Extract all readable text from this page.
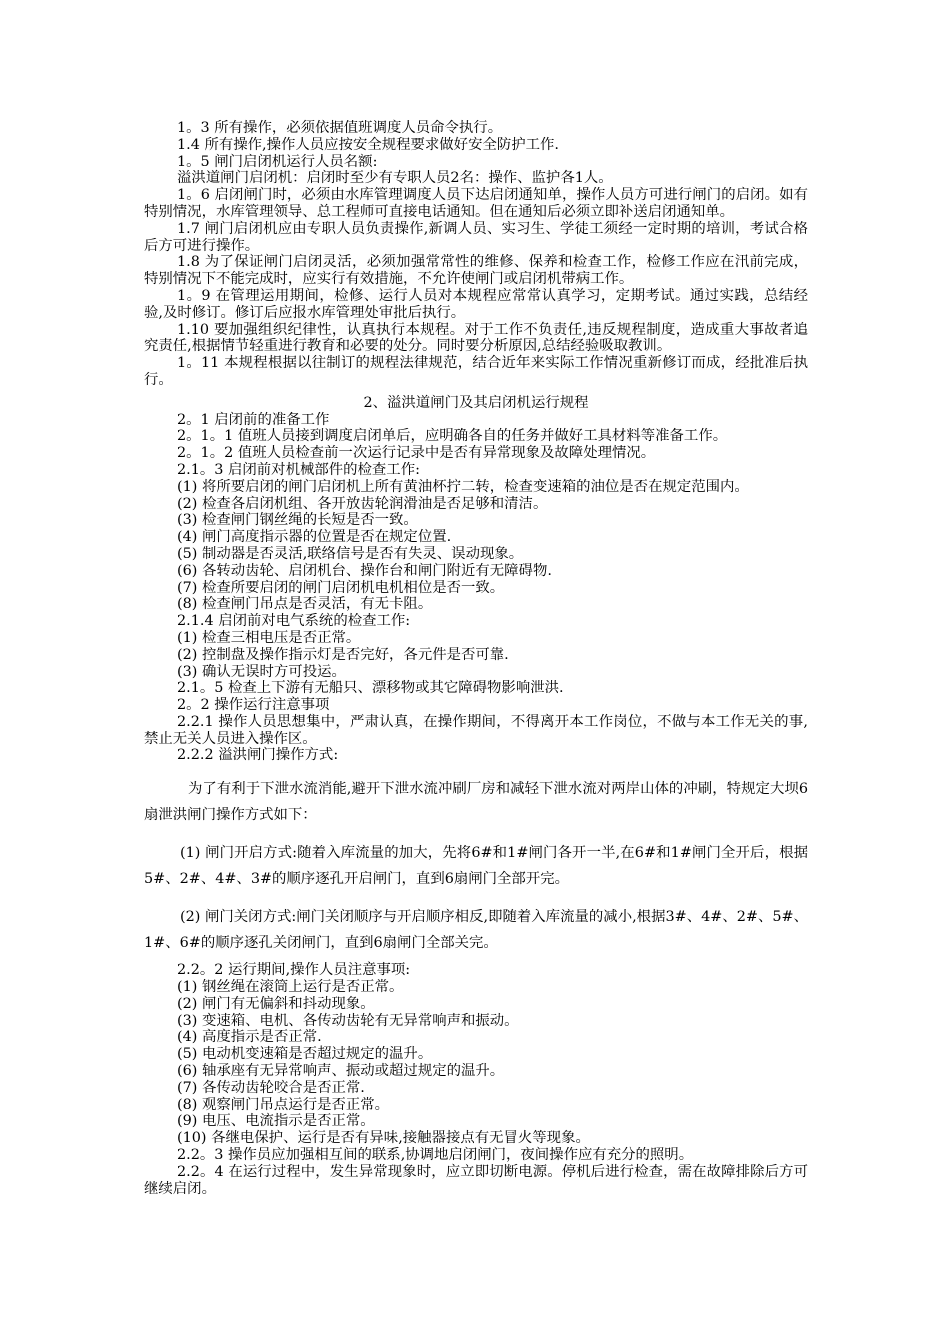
1。3 所有操作，必须依据值班调度人员命令执行。

1.4 所有操作,操作人员应按安全规程要求做好安全防护工作.

1。5 闸门启闭机运行人员名额:

溢洪道闸门启闭机：启闭时至少有专职人员2名：操作、监护各1人。

1。6 启闭闸门时，必须由水库管理调度人员下达启闭通知单，操作人员方可进行闸门的启闭。如有特别情况，水库管理领导、总工程师可直接电话通知。但在通知后必须立即补送启闭通知单。

1.7 闸门启闭机应由专职人员负责操作,新调人员、实习生、学徒工须经一定时期的培训，考试合格后方可进行操作。

1.8 为了保证闸门启闭灵活，必须加强常常性的维修、保养和检查工作，检修工作应在汛前完成，特别情况下不能完成时，应实行有效措施，不允许使闸门或启闭机带病工作。

1。9 在管理运用期间，检修、运行人员对本规程应常常认真学习，定期考试。通过实践，总结经验,及时修订。修订后应报水库管理处审批后执行。

1.10 要加强组织纪律性，认真执行本规程。对于工作不负责任,违反规程制度，造成重大事故者追究责任,根据情节轻重进行教育和必要的处分。同时要分析原因,总结经验吸取教训。

1。11 本规程根据以往制订的规程法律规范，结合近年来实际工作情况重新修订而成，经批准后执行。

2、溢洪道闸门及其启闭机运行规程

2。1 启闭前的准备工作

2。1。1 值班人员接到调度启闭单后，应明确各自的任务并做好工具材料等准备工作。

2。1。2 值班人员检查前一次运行记录中是否有异常现象及故障处理情况。

2.1。3 启闭前对机械部件的检查工作:

(1) 将所要启闭的闸门启闭机上所有黄油杯拧二转，检查变速箱的油位是否在规定范围内。

(2) 检查各启闭机组、各开放齿轮润滑油是否足够和清洁。

(3) 检查闸门钢丝绳的长短是否一致。

(4) 闸门高度指示器的位置是否在规定位置.

(5) 制动器是否灵活,联络信号是否有失灵、误动现象。

(6) 各转动齿轮、启闭机台、操作台和闸门附近有无障碍物.

(7) 检查所要启闭的闸门启闭机电机相位是否一致。

(8) 检查闸门吊点是否灵活，有无卡阻。

2.1.4 启闭前对电气系统的检查工作:

(1) 检查三相电压是否正常。

(2) 控制盘及操作指示灯是否完好，各元件是否可靠.

(3) 确认无误时方可投运。

2.1。5 检查上下游有无船只、漂移物或其它障碍物影响泄洪.

2。2 操作运行注意事项

2.2.1 操作人员思想集中，严肃认真，在操作期间，不得离开本工作岗位，不做与本工作无关的事,禁止无关人员进入操作区。

2.2.2 溢洪闸门操作方式:

为了有利于下泄水流消能,避开下泄水流冲刷厂房和减轻下泄水流对两岸山体的冲刷，特规定大坝6扇泄洪闸门操作方式如下：

(1) 闸门开启方式:随着入库流量的加大，先将6#和1#闸门各开一半,在6#和1#闸门全开后，根据5#、2#、4#、3#的顺序逐孔开启闸门，直到6扇闸门全部开完。

(2) 闸门关闭方式:闸门关闭顺序与开启顺序相反,即随着入库流量的减小,根据3#、4#、2#、5#、1#、6#的顺序逐孔关闭闸门，直到6扇闸门全部关完。

2.2。2 运行期间,操作人员注意事项:

(1) 钢丝绳在滚筒上运行是否正常。

(2) 闸门有无偏斜和抖动现象。

(3) 变速箱、电机、各传动齿轮有无异常响声和振动。

(4) 高度指示是否正常.

(5) 电动机变速箱是否超过规定的温升。

(6) 轴承座有无异常响声、振动或超过规定的温升。

(7) 各传动齿轮咬合是否正常.

(8) 观察闸门吊点运行是否正常。

(9) 电压、电流指示是否正常。

(10) 各继电保护、运行是否有异味,接触器接点有无冒火等现象。

2.2。3 操作员应加强相互间的联系,协调地启闭闸门，夜间操作应有充分的照明。

2.2。4 在运行过程中，发生异常现象时，应立即切断电源。停机后进行检查，需在故障排除后方可继续启闭。
